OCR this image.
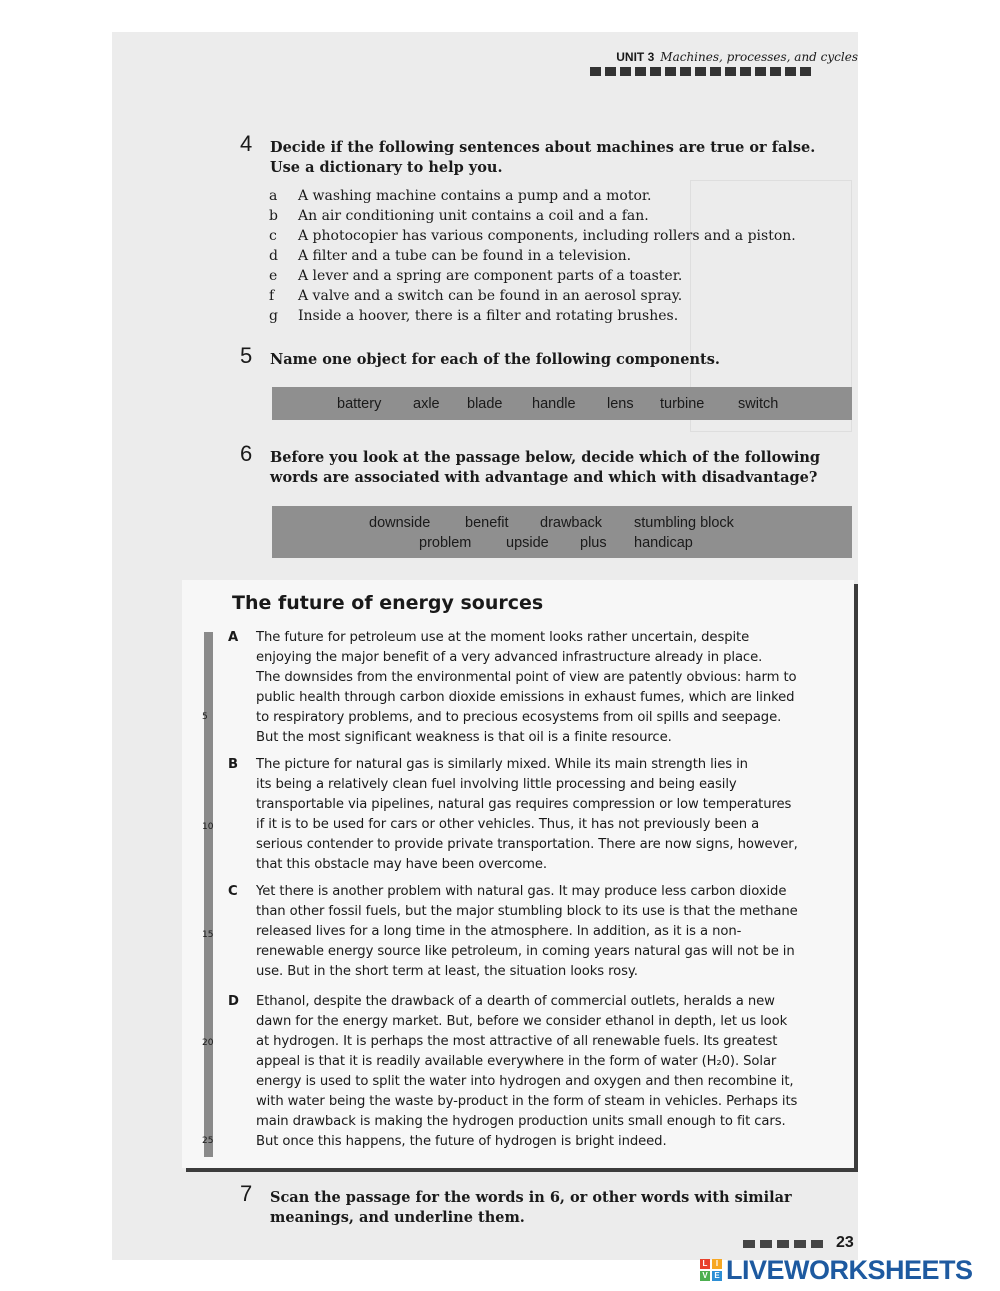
UNIT 3 Machines, processes, and cycles
4 Decide if the following sentences about machines are true or false. Use a dictionary to help you.
a A washing machine contains a pump and a motor.
b An air conditioning unit contains a coil and a fan.
c A photocopier has various components, including rollers and a piston.
d A filter and a tube can be found in a television.
e A lever and a spring are component parts of a toaster.
f A valve and a switch can be found in an aerosol spray.
g Inside a hoover, there is a filter and rotating brushes.
5 Name one object for each of the following components.
battery axle blade handle lens turbine switch
6 Before you look at the passage below, decide which of the following words are associated with advantage and which with disadvantage?
downside benefit drawback stumbling block
problem upside plus handicap
The future of energy sources
5
10
15
20
25
A The future for petroleum use at the moment looks rather uncertain, despite
enjoying the major benefit of a very advanced infrastructure already in place.
The downsides from the environmental point of view are patently obvious: harm to
public health through carbon dioxide emissions in exhaust fumes, which are linked
to respiratory problems, and to precious ecosystems from oil spills and seepage.
But the most significant weakness is that oil is a finite resource.
B The picture for natural gas is similarly mixed. While its main strength lies in
its being a relatively clean fuel involving little processing and being easily
transportable via pipelines, natural gas requires compression or low temperatures
if it is to be used for cars or other vehicles. Thus, it has not previously been a
serious contender to provide private transportation. There are now signs, however,
that this obstacle may have been overcome.
C Yet there is another problem with natural gas. It may produce less carbon dioxide
than other fossil fuels, but the major stumbling block to its use is that the methane
released lives for a long time in the atmosphere. In addition, as it is a non-
renewable energy source like petroleum, in coming years natural gas will not be in
use. But in the short term at least, the situation looks rosy.
D Ethanol, despite the drawback of a dearth of commercial outlets, heralds a new
dawn for the energy market. But, before we consider ethanol in depth, let us look
at hydrogen. It is perhaps the most attractive of all renewable fuels. Its greatest
appeal is that it is readily available everywhere in the form of water (H₂0). Solar
energy is used to split the water into hydrogen and oxygen and then recombine it,
with water being the waste by-product in the form of steam in vehicles. Perhaps its
main drawback is making the hydrogen production units small enough to fit cars.
But once this happens, the future of hydrogen is bright indeed.
7 Scan the passage for the words in 6, or other words with similar meanings, and underline them.
23
L	I
V E LIVEWORKSHEETS
